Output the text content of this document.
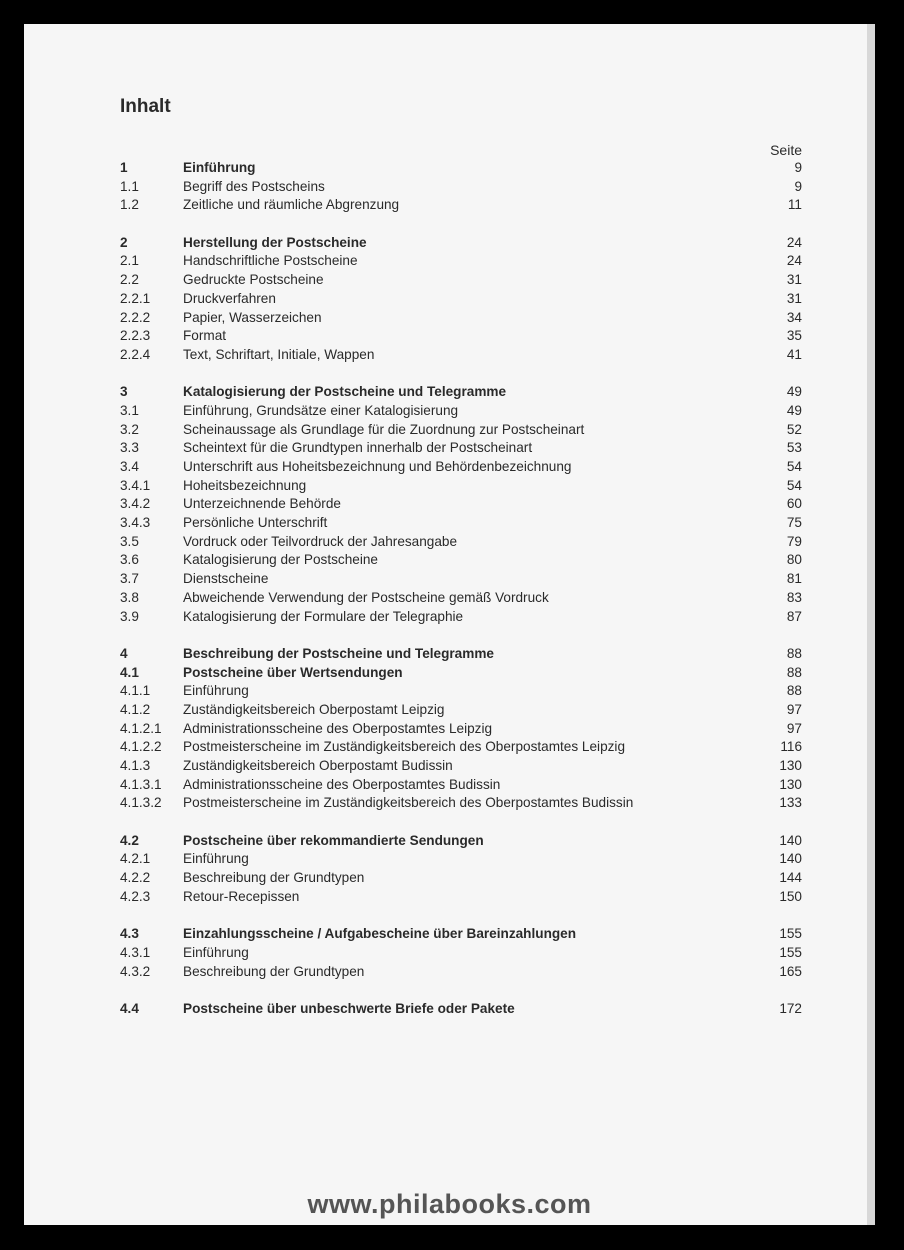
Inhalt
Seite
1	Einführung	9
1.1	Begriff des Postscheins	9
1.2	Zeitliche und räumliche Abgrenzung	11
2	Herstellung der Postscheine	24
2.1	Handschriftliche Postscheine	24
2.2	Gedruckte Postscheine	31
2.2.1 Druckverfahren	31
2.2.2 Papier, Wasserzeichen	34
2.2.3 Format	35
2.2.4 Text, Schriftart, Initiale, Wappen	41
3	Katalogisierung der Postscheine und Telegramme	49
3.1	Einführung, Grundsätze einer Katalogisierung	49
3.2	Scheinaussage als Grundlage für die Zuordnung zur Postscheinart	52
3.3	Scheintext für die Grundtypen innerhalb der Postscheinart	53
3.4	Unterschrift aus Hoheitsbezeichnung und Behördenbezeichnung	54
3.4.1 Hoheitsbezeichnung	54
3.4.2 Unterzeichnende Behörde	60
3.4.3 Persönliche Unterschrift	75
3.5	Vordruck oder Teilvordruck der Jahresangabe	79
3.6	Katalogisierung der Postscheine	80
3.7	Dienstscheine	81
3.8	Abweichende Verwendung der Postscheine gemäß Vordruck	83
3.9	Katalogisierung der Formulare der Telegraphie	87
4	Beschreibung der Postscheine und Telegramme	88
4.1	Postscheine über Wertsendungen	88
4.1.1 Einführung	88
4.1.2 Zuständigkeitsbereich Oberpostamt Leipzig	97
4.1.2.1 Administrationsscheine des Oberpostamtes Leipzig	97
4.1.2.2 Postmeisterscheine im Zuständigkeitsbereich des Oberpostamtes Leipzig	116
4.1.3 Zuständigkeitsbereich Oberpostamt Budissin	130
4.1.3.1 Administrationsscheine des Oberpostamtes Budissin	130
4.1.3.2 Postmeisterscheine im Zuständigkeitsbereich des Oberpostamtes Budissin	133
4.2	Postscheine über rekommandierte Sendungen	140
4.2.1 Einführung	140
4.2.2 Beschreibung der Grundtypen	144
4.2.3 Retour-Recepissen	150
4.3	Einzahlungsscheine / Aufgabescheine über Bareinzahlungen	155
4.3.1 Einführung	155
4.3.2 Beschreibung der Grundtypen	165
4.4	Postscheine über unbeschwerte Briefe oder Pakete	172
www.philabooks.com
